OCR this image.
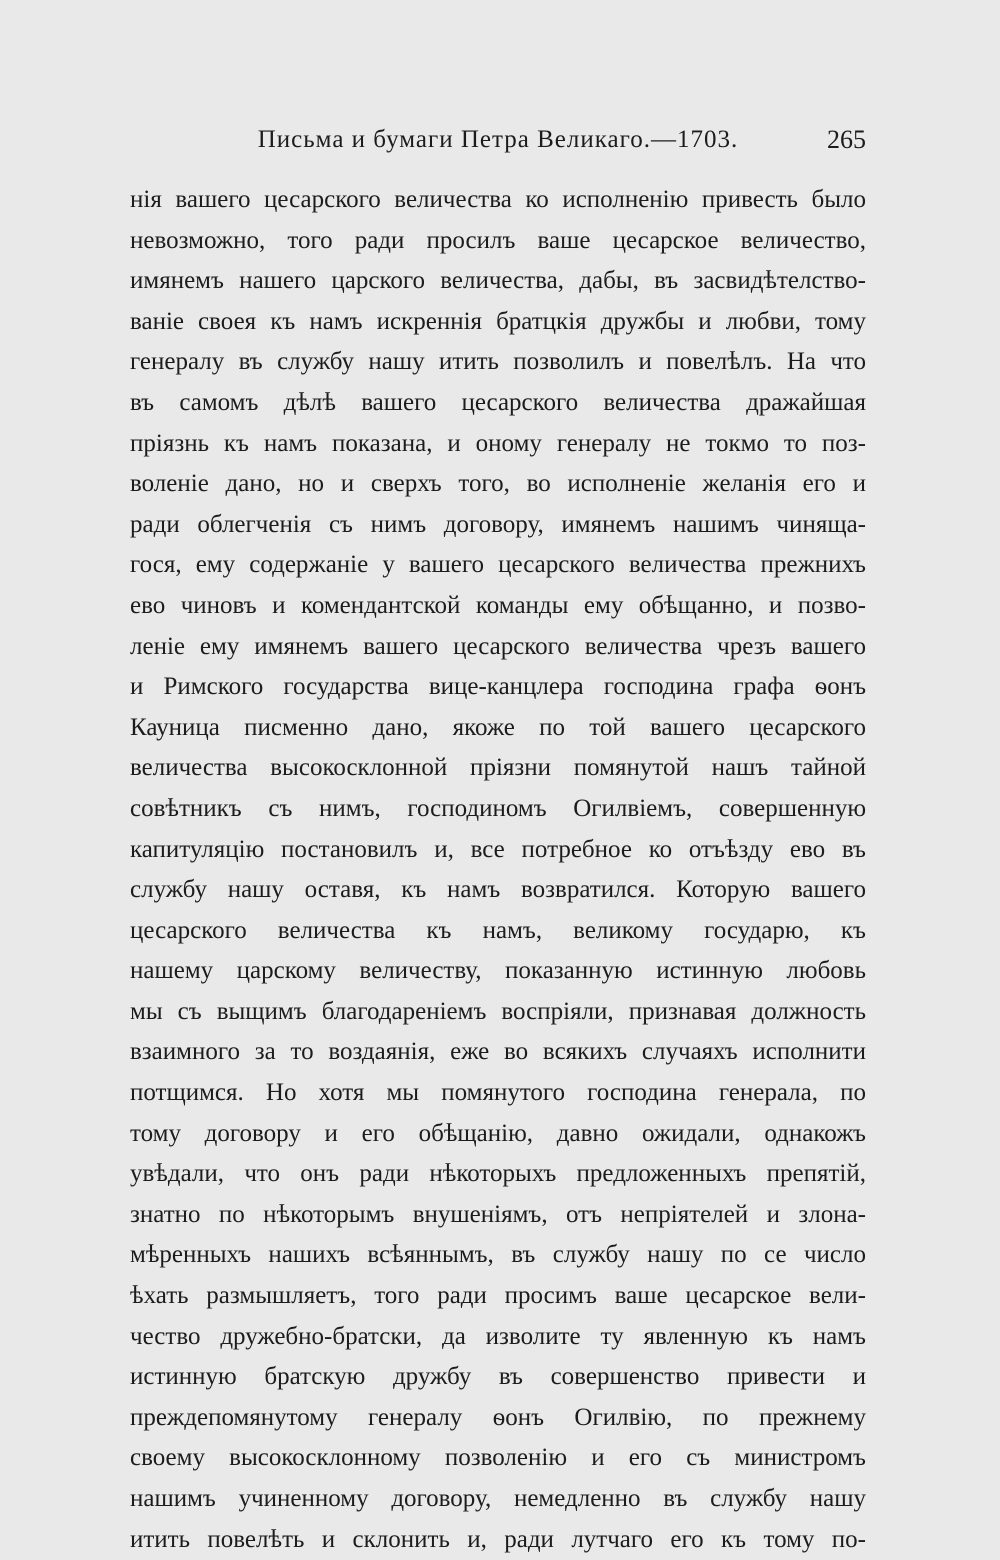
Письма и бумаги Петра Великаго.—1703.	265
нія вашего цесарского величества ко исполненію привесть было
невозможно, того ради просилъ ваше цесарское величество,
имянемъ нашего царского величества, дабы, въ засвидѣтелство-
ваніе своея къ намъ искреннія братцкія дружбы и любви, тому
генералу въ службу нашу итить позволилъ и повелѣлъ. На что
въ самомъ дѣлѣ вашего цесарского величества дражайшая
пріязнь къ намъ показана, и оному генералу не токмо то поз-
воленіе дано, но и сверхъ того, во исполненіе желанія его и
ради облегченія съ нимъ договору, имянемъ нашимъ чинящa-
гося, ему содержаніе у вашего цесарского величества прежнихъ
ево чиновъ и комендантской команды ему обѣщанно, и позво-
леніе ему имянемъ вашего цесарского величества чрезъ вашего
и Римского государства вице-канцлера господина графа ѳонъ
Кауница писменно дано, якоже по той вашего цесарского
величества высокосклонной пріязни помянутой нашъ тайной
совѣтникъ съ нимъ, господиномъ Огилвіемъ, совершенную
капитуляцію постановилъ и, все потребное ко отъѣзду ево въ
службу нашу оставя, къ намъ возвратился. Которую вашего
цесарского величества къ намъ, великому государю, къ
нашему царскому величеству, показанную истинную любовь
мы съ выщимъ благодареніемъ воспріяли, признавая должность
взаимного за то воздаянія, еже во всякихъ случаяхъ исполнити
потщимся. Но хотя мы помянутого господина генерала, по
тому договору и его обѣщанію, давно ожидали, однакожъ
увѣдали, что онъ ради нѣкоторыхъ предложенныхъ препятій,
знатно по нѣкоторымъ внушеніямъ, отъ непріятелей и злона-
мѣренныхъ нашихъ всѣяннымъ, въ службу нашу по се число
ѣхать размышляетъ, того ради просимъ ваше цесарское вели-
чество дружебно-братски, да изволите ту явленную къ намъ
истинную братскую дружбу въ совершенство привести и
преждепомянутому генералу ѳонъ Огилвію, по прежнему
своему высокосклонному позволенію и его съ министромъ
нашимъ учиненному договору, немедленно въ службу нашу
итить повелѣть и склонить и, ради лутчаго его къ тому по-
